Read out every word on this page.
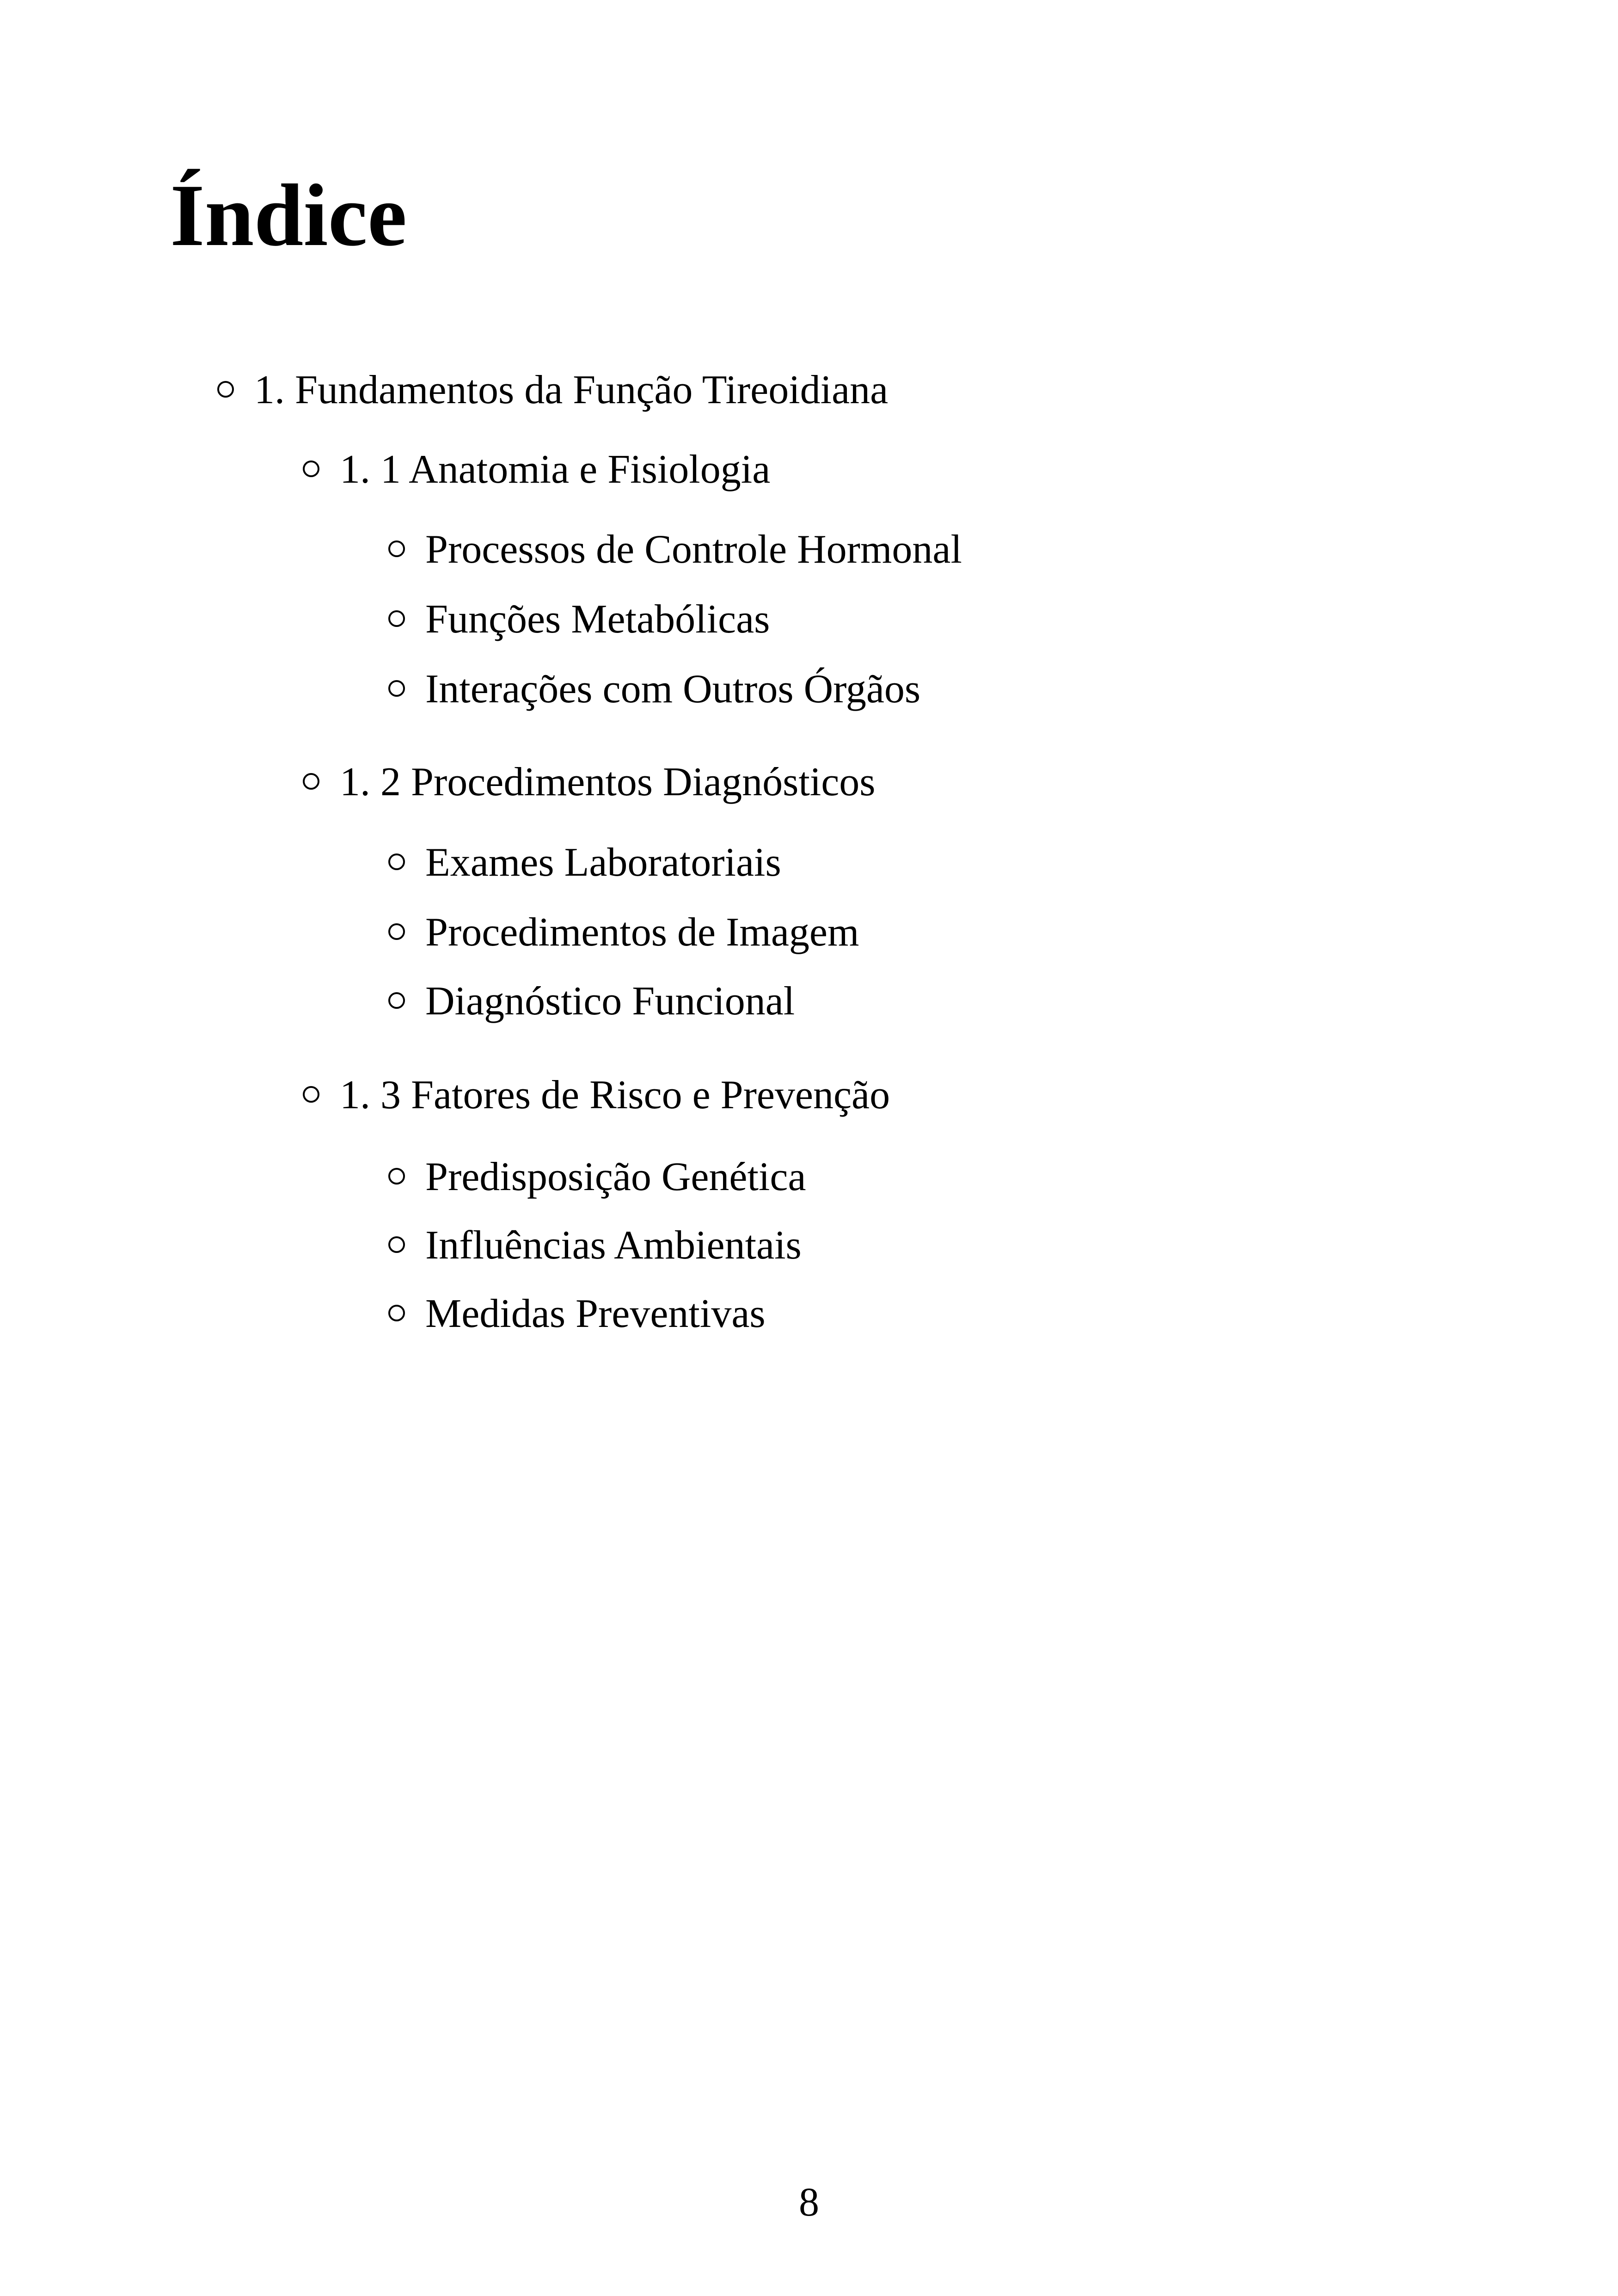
Índice
1. Fundamentos da Função Tireoidiana
1. 1 Anatomia e Fisiologia
Processos de Controle Hormonal
Funções Metabólicas
Interações com Outros Órgãos
1. 2 Procedimentos Diagnósticos
Exames Laboratoriais
Procedimentos de Imagem
Diagnóstico Funcional
1. 3 Fatores de Risco e Prevenção
Predisposição Genética
Influências Ambientais
Medidas Preventivas
8
